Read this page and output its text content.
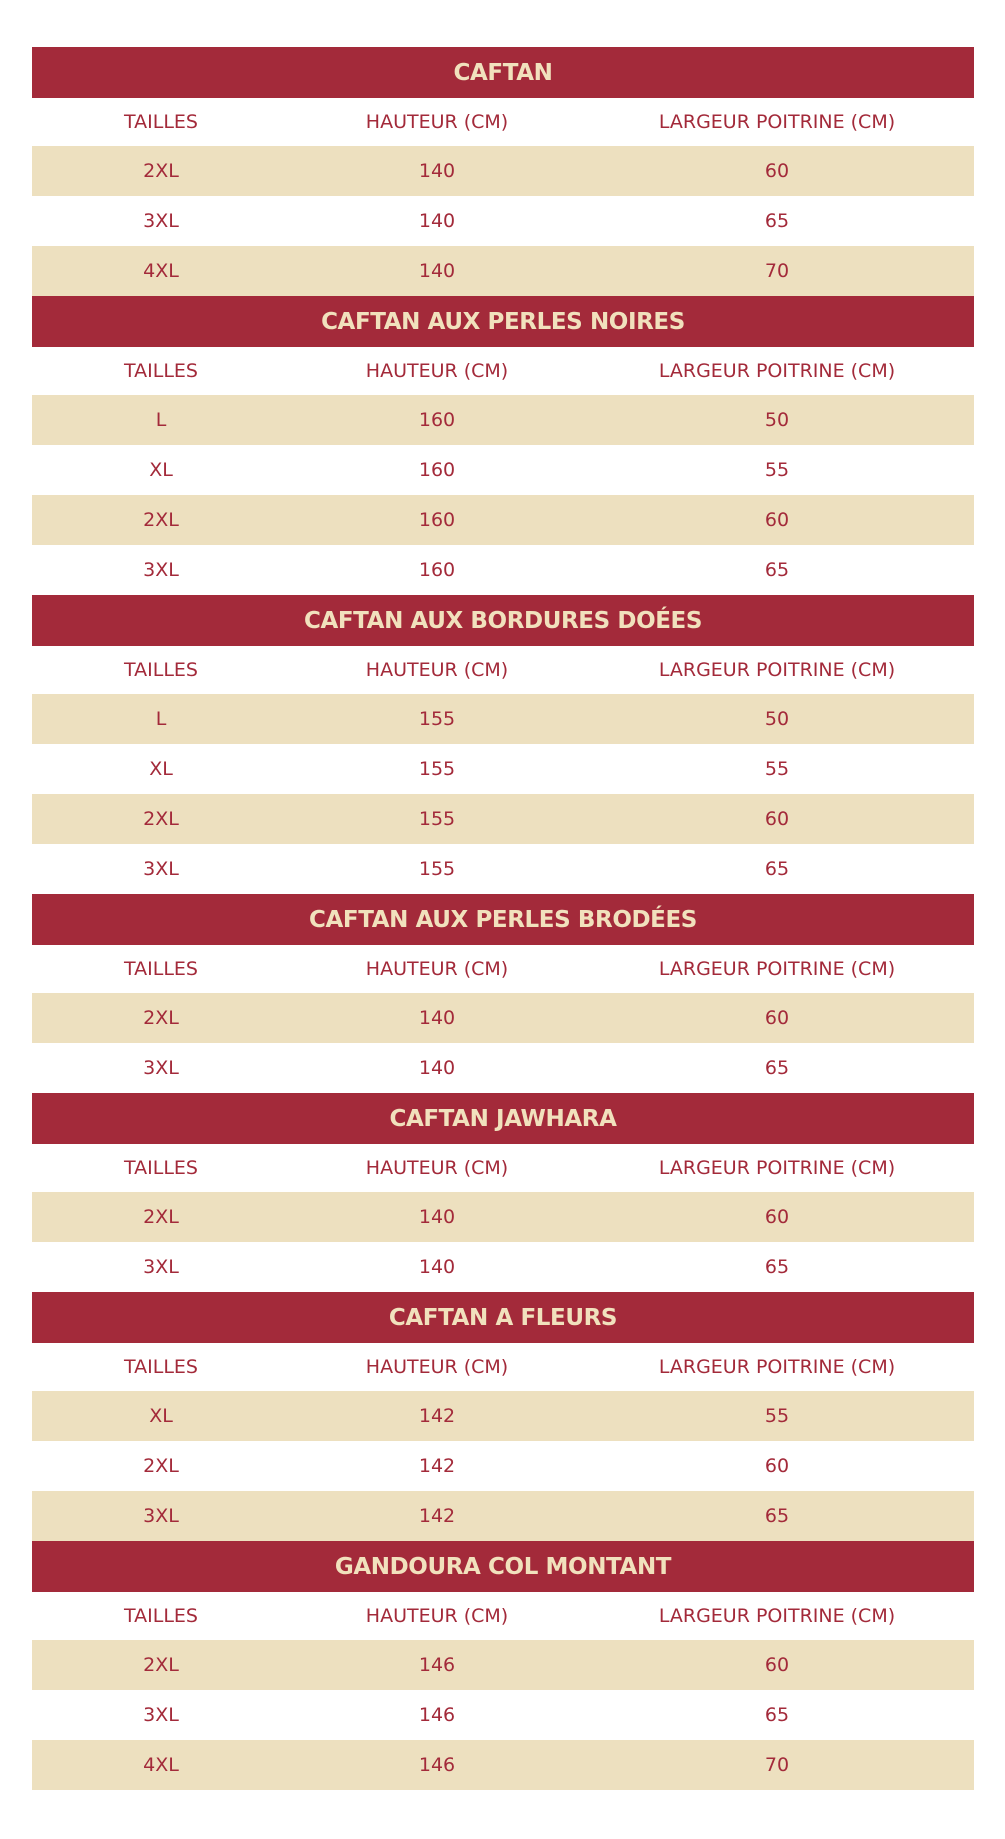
CAFTAN
TAILLES	HAUTEUR (CM)	LARGEUR POITRINE (CM)
2XL	140	60
3XL	140	65
4XL	140	70
CAFTAN AUX PERLES NOIRES
TAILLES	HAUTEUR (CM)	LARGEUR POITRINE (CM)
L	160	50
XL	160	55
2XL	160	60
3XL	160	65
CAFTAN AUX BORDURES DOÉES
TAILLES	HAUTEUR (CM)	LARGEUR POITRINE (CM)
L	155	50
XL	155	55
2XL	155	60
3XL	155	65
CAFTAN AUX PERLES BRODÉES
TAILLES	HAUTEUR (CM)	LARGEUR POITRINE (CM)
2XL	140	60
3XL	140	65
CAFTAN JAWHARA
TAILLES	HAUTEUR (CM)	LARGEUR POITRINE (CM)
2XL	140	60
3XL	140	65
CAFTAN A FLEURS
TAILLES	HAUTEUR (CM)	LARGEUR POITRINE (CM)
XL	142	55
2XL	142	60
3XL	142	65
GANDOURA COL MONTANT
TAILLES	HAUTEUR (CM)	LARGEUR POITRINE (CM)
2XL	146	60
3XL	146	65
4XL	146	70
